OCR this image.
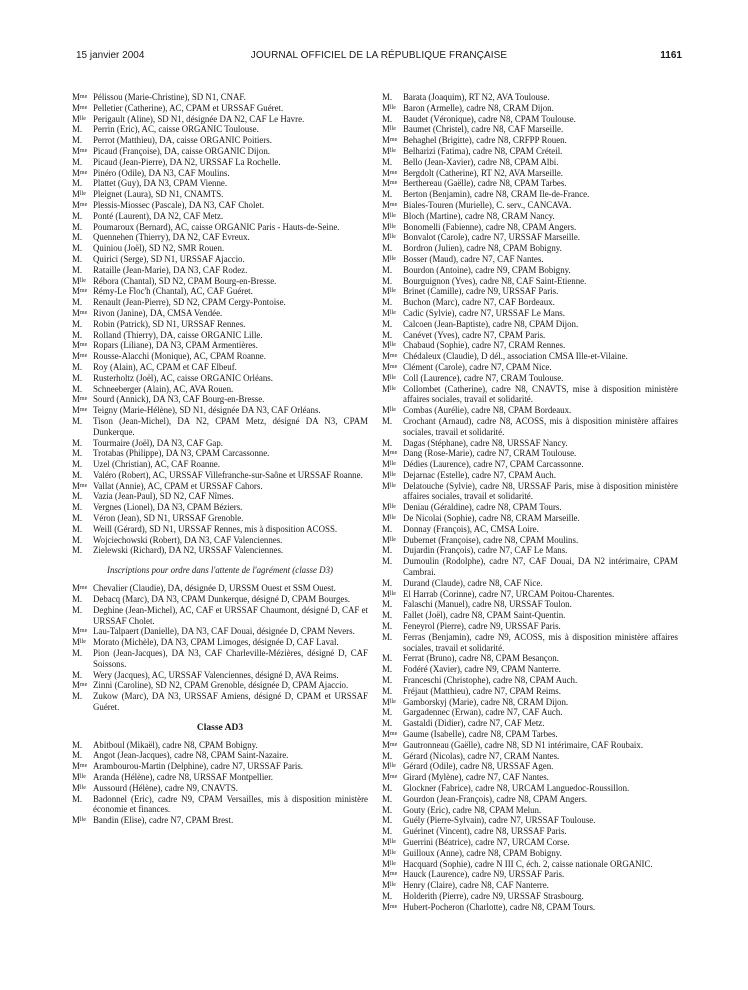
15 janvier 2004	JOURNAL OFFICIEL DE LA RÉPUBLIQUE FRANÇAISE	1161

$M^{me}$ Pélissou (Marie-Christine), SD N1, CNAF.

$M^{me}$ Pelletier (Catherine), AC, CPAM et URSSAF Guéret.

$M^{lle}$ Perigault (Aline), SD N1, désignée DA N2, CAF Le Havre.

M. Perrin (Eric), AC, caisse ORGANIC Toulouse.

M. Perrot (Matthieu), DA, caisse ORGANIC Poitiers.

$M^{me}$ Picaud (Françoise), DA, caisse ORGANIC Dijon.

M. Picaud (Jean-Pierre), DA N2, URSSAF La Rochelle.

$M^{me}$ Pinéro (Odile), DA N3, CAF Moulins.

M. Plattet (Guy), DA N3, CPAM Vienne.

$M^{lle}$ Pleignet (Laura), SD N1, CNAMTS.

$M^{me}$ Plessis-Miossec (Pascale), DA N3, CAF Cholet.

M. Ponté (Laurent), DA N2, CAF Metz.

M. Poumaroux (Bernard), AC, caisse ORGANIC Paris - Hauts-de-Seine.

M. Quennehen (Thierry), DA N2, CAF Evreux.

M. Quiniou (Joël), SD N2, SMR Rouen.

M. Quirici (Serge), SD N1, URSSAF Ajaccio.

M. Rataille (Jean-Marie), DA N3, CAF Rodez.

$M^{lle}$ Rébora (Chantal), SD N2, CPAM Bourg-en-Bresse.

$M^{me}$ Rémy-Le Floc'h (Chantal), AC, CAF Guéret.

M. Renault (Jean-Pierre), SD N2, CPAM Cergy-Pontoise.

$M^{me}$ Rivon (Janine), DA, CMSA Vendée.

M. Robin (Patrick), SD N1, URSSAF Rennes.

M. Rolland (Thierry), DA, caisse ORGANIC Lille.

$M^{me}$ Ropars (Liliane), DA N3, CPAM Armentières.

$M^{me}$ Rousse-Alacchi (Monique), AC, CPAM Roanne.

M. Roy (Alain), AC, CPAM et CAF Elbeuf.

M. Rusterholtz (Joël), AC, caisse ORGANIC Orléans.

M. Schneeberger (Alain), AC, AVA Rouen.

$M^{me}$ Sourd (Annick), DA N3, CAF Bourg-en-Bresse.

$M^{me}$ Teigny (Marie-Hélène), SD N1, désignée DA N3, CAF Orléans.

M. Tison (Jean-Michel), DA N2, CPAM Metz, désigné DA N3, CPAM Dunkerque.

M. Tourmaire (Joël), DA N3, CAF Gap.

M. Trotabas (Philippe), DA N3, CPAM Carcassonne.

M. Uzel (Christian), AC, CAF Roanne.

M. Valéro (Robert), AC, URSSAF Villefranche-sur-Saône et URSSAF Roanne.

$M^{me}$ Vallat (Annie), AC, CPAM et URSSAF Cahors.

M. Vazia (Jean-Paul), SD N2, CAF Nîmes.

M. Vergnes (Lionel), DA N3, CPAM Béziers.

M. Véron (Jean), SD N1, URSSAF Grenoble.

M. Weill (Gérard), SD N1, URSSAF Rennes, mis à disposition ACOSS.

M. Wojciechowski (Robert), DA N3, CAF Valenciennes.

M. Zielewski (Richard), DA N2, URSSAF Valenciennes.

Inscriptions pour ordre dans l'attente de l'agrément (classe D3)

$M^{me}$ Chevalier (Claudie), DA, désignée D, URSSM Ouest et SSM Ouest.

M. Debacq (Marc), DA N3, CPAM Dunkerque, désigné D, CPAM Bourges.

M. Deghine (Jean-Michel), AC, CAF et URSSAF Chaumont, désigné D, CAF et URSSAF Cholet.

$M^{me}$ Lau-Talpaert (Danielle), DA N3, CAF Douai, désignée D, CPAM Nevers.

$M^{lle}$ Morato (Michèle), DA N3, CPAM Limoges, désignée D, CAF Laval.

M. Pion (Jean-Jacques), DA N3, CAF Charleville-Mézières, désigné D, CAF Soissons.

M. Wery (Jacques), AC, URSSAF Valenciennes, désigné D, AVA Reims.

$M^{me}$ Zinni (Caroline), SD N2, CPAM Grenoble, désignée D, CPAM Ajaccio.

M. Zukow (Marc), DA N3, URSSAF Amiens, désigné D, CPAM et URSSAF Guéret.

Classe AD3

M. Abitboul (Mikaël), cadre N8, CPAM Bobigny.

M. Angot (Jean-Jacques), cadre N8, CPAM Saint-Nazaire.

$M^{me}$ Arambourou-Martin (Delphine), cadre N7, URSSAF Paris.

$M^{lle}$ Aranda (Hélène), cadre N8, URSSAF Montpellier.

$M^{lle}$ Aussourd (Hélène), cadre N9, CNAVTS.

M. Badonnel (Eric), cadre N9, CPAM Versailles, mis à disposition ministère économie et finances.

$M^{lle}$ Bandin (Elise), cadre N7, CPAM Brest.

M. Barata (Joaquim), RT N2, AVA Toulouse.

$M^{lle}$ Baron (Armelle), cadre N8, CRAM Dijon.

M. Baudet (Véronique), cadre N8, CPAM Toulouse.

$M^{lle}$ Baumet (Christel), cadre N8, CAF Marseille.

$M^{me}$ Behaghel (Brigitte), cadre N8, CRFPP Rouen.

$M^{lle}$ Belharizi (Fatima), cadre N8, CPAM Créteil.

M. Bello (Jean-Xavier), cadre N8, CPAM Albi.

$M^{me}$ Bergdolt (Catherine), RT N2, AVA Marseille.

$M^{me}$ Berthereau (Gaëlle), cadre N8, CPAM Tarbes.

M. Berton (Benjamin), cadre N8, CRAM Ile-de-France.

$M^{me}$ Biales-Touren (Murielle), C. serv., CANCAVA.

$M^{lle}$ Bloch (Martine), cadre N8, CRAM Nancy.

$M^{lle}$ Bonomelli (Fabienne), cadre N8, CPAM Angers.

$M^{lle}$ Bonvalot (Carole), cadre N7, URSSAF Marseille.

M. Bordron (Julien), cadre N8, CPAM Bobigny.

$M^{lle}$ Bosser (Maud), cadre N7, CAF Nantes.

M. Bourdon (Antoine), cadre N9, CPAM Bobigny.

M. Bourguignon (Yves), cadre N8, CAF Saint-Etienne.

$M^{lle}$ Brinet (Camille), cadre N9, URSSAF Paris.

M. Buchon (Marc), cadre N7, CAF Bordeaux.

$M^{lle}$ Cadic (Sylvie), cadre N7, URSSAF Le Mans.

M. Calcoen (Jean-Baptiste), cadre N8, CPAM Dijon.

M. Canévet (Yves), cadre N7, CPAM Paris.

$M^{lle}$ Chabaud (Sophie), cadre N7, CRAM Rennes.

$M^{me}$ Chédaleux (Claudie), D dél., association CMSA Ille-et-Vilaine.

$M^{me}$ Clément (Carole), cadre N7, CPAM Nice.

$M^{lle}$ Coll (Laurence), cadre N7, CRAM Toulouse.

$M^{lle}$ Collombet (Catherine), cadre N8, CNAVTS, mise à disposition ministère affaires sociales, travail et solidarité.

$M^{lle}$ Combas (Aurélie), cadre N8, CPAM Bordeaux.

M. Crochant (Arnaud), cadre N8, ACOSS, mis à disposition ministère affaires sociales, travail et solidarité.

M. Dagas (Stéphane), cadre N8, URSSAF Nancy.

$M^{me}$ Dang (Rose-Marie), cadre N7, CRAM Toulouse.

$M^{lle}$ Dédies (Laurence), cadre N7, CPAM Carcassonne.

$M^{lle}$ Dejarnac (Estelle), cadre N7, CPAM Auch.

$M^{lle}$ Delatouche (Sylvie), cadre N8, URSSAF Paris, mise à disposition ministère affaires sociales, travail et solidarité.

$M^{lle}$ Deniau (Géraldine), cadre N8, CPAM Tours.

$M^{lle}$ De Nicolai (Sophie), cadre N8, CRAM Marseille.

M. Donnay (François), AC, CMSA Loire.

$M^{lle}$ Dubernet (Françoise), cadre N8, CPAM Moulins.

M. Dujardin (François), cadre N7, CAF Le Mans.

M. Dumoulin (Rodolphe), cadre N7, CAF Douai, DA N2 intérimaire, CPAM Cambrai.

M. Durand (Claude), cadre N8, CAF Nice.

$M^{lle}$ El Harrab (Corinne), cadre N7, URCAM Poitou-Charentes.

M. Falaschi (Manuel), cadre N8, URSSAF Toulon.

M. Fallet (Joël), cadre N8, CPAM Saint-Quentin.

M. Feneyrol (Pierre), cadre N9, URSSAF Paris.

M. Ferras (Benjamin), cadre N9, ACOSS, mis à disposition ministère affaires sociales, travail et solidarité.

M. Ferrat (Bruno), cadre N8, CPAM Besançon.

M. Fodéré (Xavier), cadre N9, CPAM Nanterre.

M. Franceschi (Christophe), cadre N8, CPAM Auch.

M. Fréjaut (Matthieu), cadre N7, CPAM Reims.

$M^{lle}$ Gamborskyj (Marie), cadre N8, CRAM Dijon.

M. Gargadennec (Erwan), cadre N7, CAF Auch.

M. Gastaldi (Didier), cadre N7, CAF Metz.

$M^{me}$ Gaume (Isabelle), cadre N8, CPAM Tarbes.

$M^{me}$ Gautronneau (Gaëlle), cadre N8, SD N1 intérimaire, CAF Roubaix.

M. Gérard (Nicolas), cadre N7, CRAM Nantes.

$M^{lle}$ Gérard (Odile), cadre N8, URSSAF Agen.

$M^{me}$ Girard (Mylène), cadre N7, CAF Nantes.

M. Glockner (Fabrice), cadre N8, URCAM Languedoc-Roussillon.

M. Gourdon (Jean-François), cadre N8, CPAM Angers.

M. Gouty (Eric), cadre N8, CPAM Melun.

M. Guély (Pierre-Sylvain), cadre N7, URSSAF Toulouse.

M. Guérinet (Vincent), cadre N8, URSSAF Paris.

$M^{lle}$ Guerrini (Béatrice), cadre N7, URCAM Corse.

$M^{lle}$ Guilloux (Anne), cadre N8, CPAM Bobigny.

$M^{lle}$ Hacquard (Sophie), cadre N III C, éch. 2, caisse nationale ORGANIC.

$M^{me}$ Hauck (Laurence), cadre N9, URSSAF Paris.

$M^{lle}$ Henry (Claire), cadre N8, CAF Nanterre.

M. Holderith (Pierre), cadre N9, URSSAF Strasbourg.

$M^{me}$ Hubert-Pocheron (Charlotte), cadre N8, CPAM Tours.
